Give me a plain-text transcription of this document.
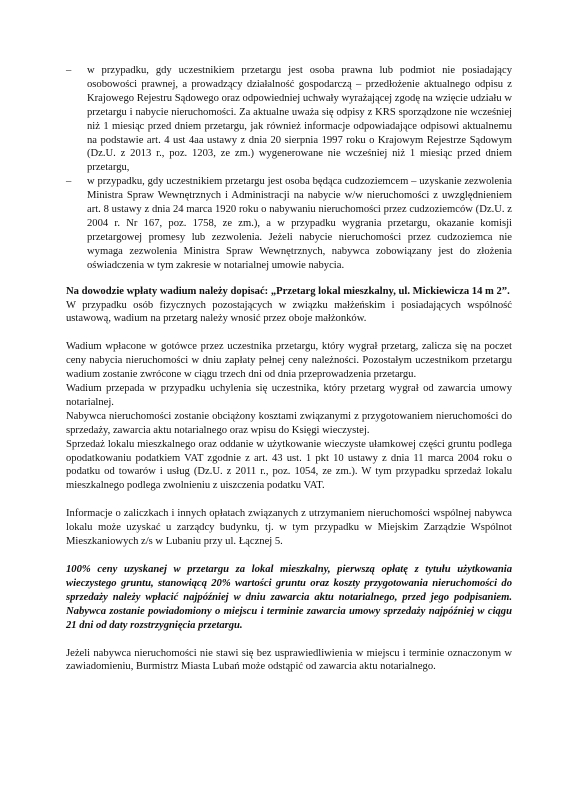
– w przypadku, gdy uczestnikiem przetargu jest osoba prawna lub podmiot nie posiadający osobowości prawnej, a prowadzący działalność gospodarczą – przedłożenie aktualnego odpisu z Krajowego Rejestru Sądowego oraz odpowiedniej uchwały wyrażającej zgodę na wzięcie udziału w przetargu i nabycie nieruchomości. Za aktualne uważa się odpisy z KRS sporządzone nie wcześniej niż 1 miesiąc przed dniem przetargu, jak również informacje odpowiadające odpisowi aktualnemu na podstawie art. 4 ust 4aa ustawy z dnia 20 sierpnia 1997 roku o Krajowym Rejestrze Sądowym (Dz.U. z 2013 r., poz. 1203, ze zm.) wygenerowane nie wcześniej niż 1 miesiąc przed dniem przetargu,

– w przypadku, gdy uczestnikiem przetargu jest osoba będąca cudzoziemcem – uzyskanie zezwolenia Ministra Spraw Wewnętrznych i Administracji na nabycie w/w nieruchomości z uwzględnieniem art. 8 ustawy z dnia 24 marca 1920 roku o nabywaniu nieruchomości przez cudzoziemców (Dz.U. z 2004 r. Nr 167, poz. 1758, ze zm.), a w przypadku wygrania przetargu, okazanie komisji przetargowej promesy lub zezwolenia. Jeżeli nabycie nieruchomości przez cudzoziemca nie wymaga zezwolenia Ministra Spraw Wewnętrznych, nabywca zobowiązany jest do złożenia oświadczenia w tym zakresie w notarialnej umowie nabycia.

Na dowodzie wpłaty wadium należy dopisać: „Przetarg lokal mieszkalny, ul. Mickiewicza 14 m 2”.

W przypadku osób fizycznych pozostających w związku małżeńskim i posiadających wspólność ustawową, wadium na przetarg należy wnosić przez oboje małżonków.

Wadium wpłacone w gotówce przez uczestnika przetargu, który wygrał przetarg, zalicza się na poczet ceny nabycia nieruchomości w dniu zapłaty pełnej ceny należności. Pozostałym uczestnikom przetargu wadium zostanie zwrócone w ciągu trzech dni od dnia przeprowadzenia przetargu.

Wadium przepada w przypadku uchylenia się uczestnika, który przetarg wygrał od zawarcia umowy notarialnej.

Nabywca nieruchomości zostanie obciążony kosztami związanymi z przygotowaniem nieruchomości do sprzedaży, zawarcia aktu notarialnego oraz wpisu do Księgi wieczystej.

Sprzedaż lokalu mieszkalnego oraz oddanie w użytkowanie wieczyste ułamkowej części gruntu podlega opodatkowaniu podatkiem VAT zgodnie z art. 43 ust. 1 pkt 10 ustawy z dnia 11 marca 2004 roku o podatku od towarów i usług (Dz.U. z 2011 r., poz. 1054, ze zm.). W tym przypadku sprzedaż lokalu mieszkalnego podlega zwolnieniu z uiszczenia podatku VAT.

Informacje o zaliczkach i innych opłatach związanych z utrzymaniem nieruchomości wspólnej nabywca lokalu może uzyskać u zarządcy budynku, tj. w tym przypadku w Miejskim Zarządzie Wspólnot Mieszkaniowych z/s w Lubaniu przy ul. Łącznej 5.

100% ceny uzyskanej w przetargu za lokal mieszkalny, pierwszą opłatę z tytułu użytkowania wieczystego gruntu, stanowiącą 20% wartości gruntu oraz koszty przygotowania nieruchomości do sprzedaży należy wpłacić najpóźniej w dniu zawarcia aktu notarialnego, przed jego podpisaniem. Nabywca zostanie powiadomiony o miejscu i terminie zawarcia umowy sprzedaży najpóźniej w ciągu 21 dni od daty rozstrzygnięcia przetargu.

Jeżeli nabywca nieruchomości nie stawi się bez usprawiedliwienia w miejscu i terminie oznaczonym w zawiadomieniu, Burmistrz Miasta Lubań może odstąpić od zawarcia aktu notarialnego.
